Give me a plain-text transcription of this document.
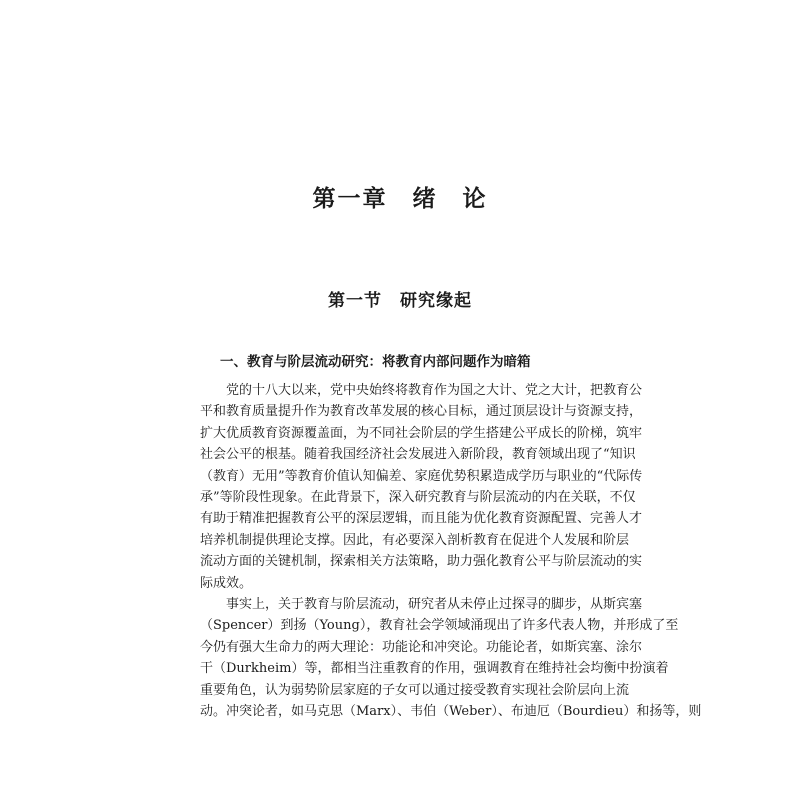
第一章　绪　论
第一节　研究缘起
一、教育与阶层流动研究：将教育内部问题作为暗箱
党的十八大以来，党中央始终将教育作为国之大计、党之大计，把教育公
平和教育质量提升作为教育改革发展的核心目标，通过顶层设计与资源支持，
扩大优质教育资源覆盖面，为不同社会阶层的学生搭建公平成长的阶梯，筑牢
社会公平的根基。随着我国经济社会发展进入新阶段，教育领域出现了“知识
（教育）无用”等教育价值认知偏差、家庭优势积累造成学历与职业的“代际传
承”等阶段性现象。在此背景下，深入研究教育与阶层流动的内在关联，不仅
有助于精准把握教育公平的深层逻辑，而且能为优化教育资源配置、完善人才
培养机制提供理论支撑。因此，有必要深入剖析教育在促进个人发展和阶层
流动方面的关键机制，探索相关方法策略，助力强化教育公平与阶层流动的实
际成效。
事实上，关于教育与阶层流动，研究者从未停止过探寻的脚步，从斯宾塞
（Spencer）到扬（Young），教育社会学领域涌现出了许多代表人物，并形成了至
今仍有强大生命力的两大理论：功能论和冲突论。功能论者，如斯宾塞、涂尔
干（Durkheim）等，都相当注重教育的作用，强调教育在维持社会均衡中扮演着
重要角色，认为弱势阶层家庭的子女可以通过接受教育实现社会阶层向上流
动。冲突论者，如马克思（Marx）、韦伯（Weber）、布迪厄（Bourdieu）和扬等，则
